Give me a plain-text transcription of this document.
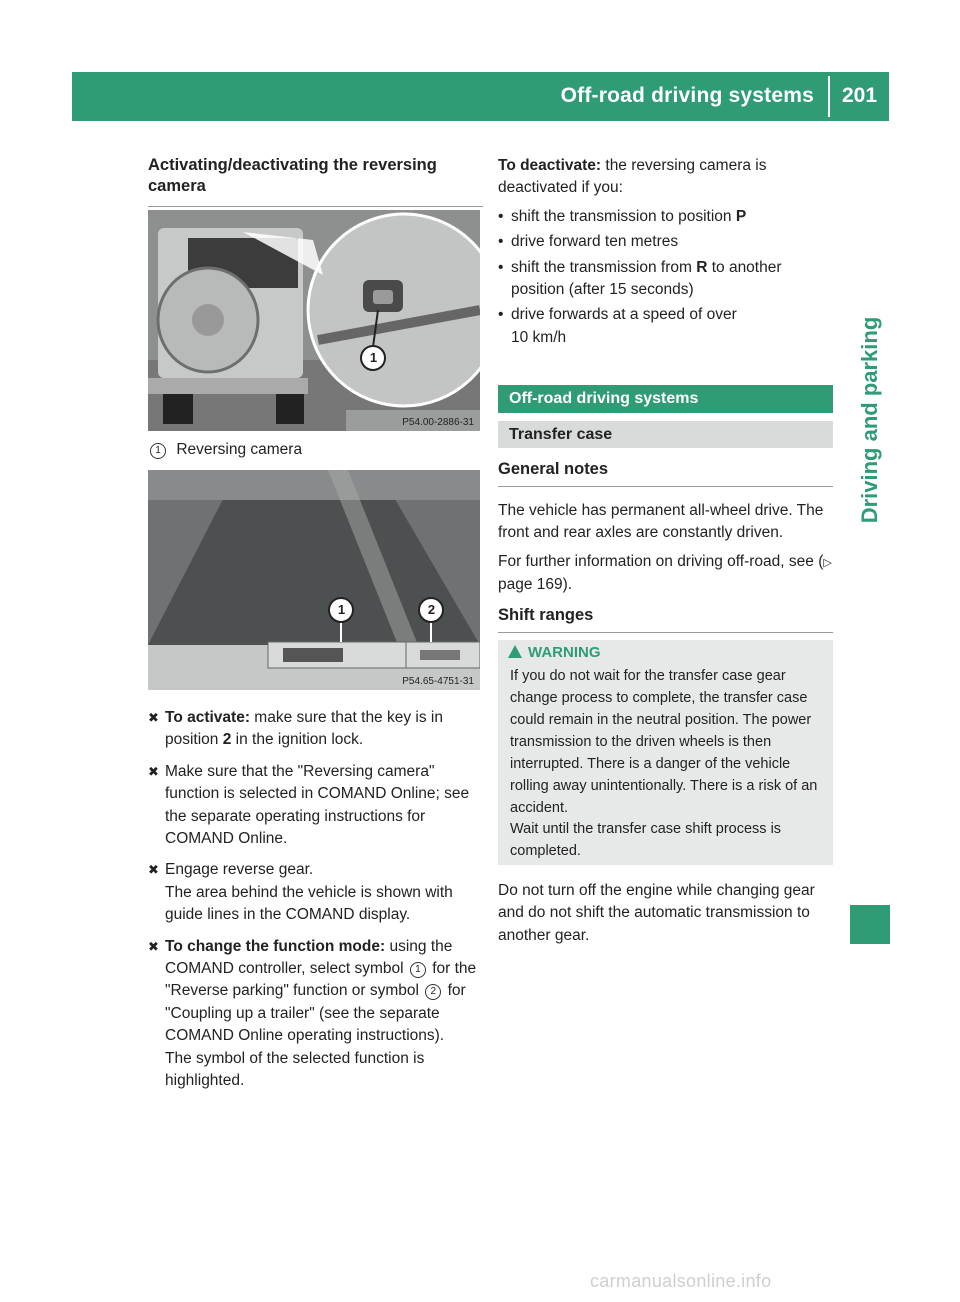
Off-road driving systems 201
Driving and parking
Activating/deactivating the reversing camera
1
P54.00-2886-31
1 Reversing camera
1	2
P54.65-4751-31

✖ To activate: make sure that the key is in position 2 in the ignition lock.

✖ Make sure that the "Reversing camera" function is selected in COMAND Online; see the separate operating instructions for COMAND Online.

✖ Engage reverse gear.
The area behind the vehicle is shown with guide lines in the COMAND display.

✖ To change the function mode: using the COMAND controller, select symbol 1 for the "Reverse parking" function or symbol 2 for "Coupling up a trailer" (see the separate COMAND Online operating instructions).
The symbol of the selected function is highlighted.

To deactivate: the reversing camera is deactivated if you:

• shift the transmission to position P
• drive forward ten metres
• shift the transmission from R to another position (after 15 seconds)
• drive forwards at a speed of over
10 km/h
Off-road driving systems
Transfer case
General notes

The vehicle has permanent all-wheel drive. The front and rear axles are constantly driven.

For further information on driving off-road, see (▷ page 169).

Shift ranges
WARNING

If you do not wait for the transfer case gear change process to complete, the transfer case could remain in the neutral position. The power transmission to the driven wheels is then interrupted. There is a danger of the vehicle rolling away unintentionally. There is a risk of an accident.

Wait until the transfer case shift process is completed.

Do not turn off the engine while changing gear and do not shift the automatic transmission to another gear.

carmanualsonline.info
